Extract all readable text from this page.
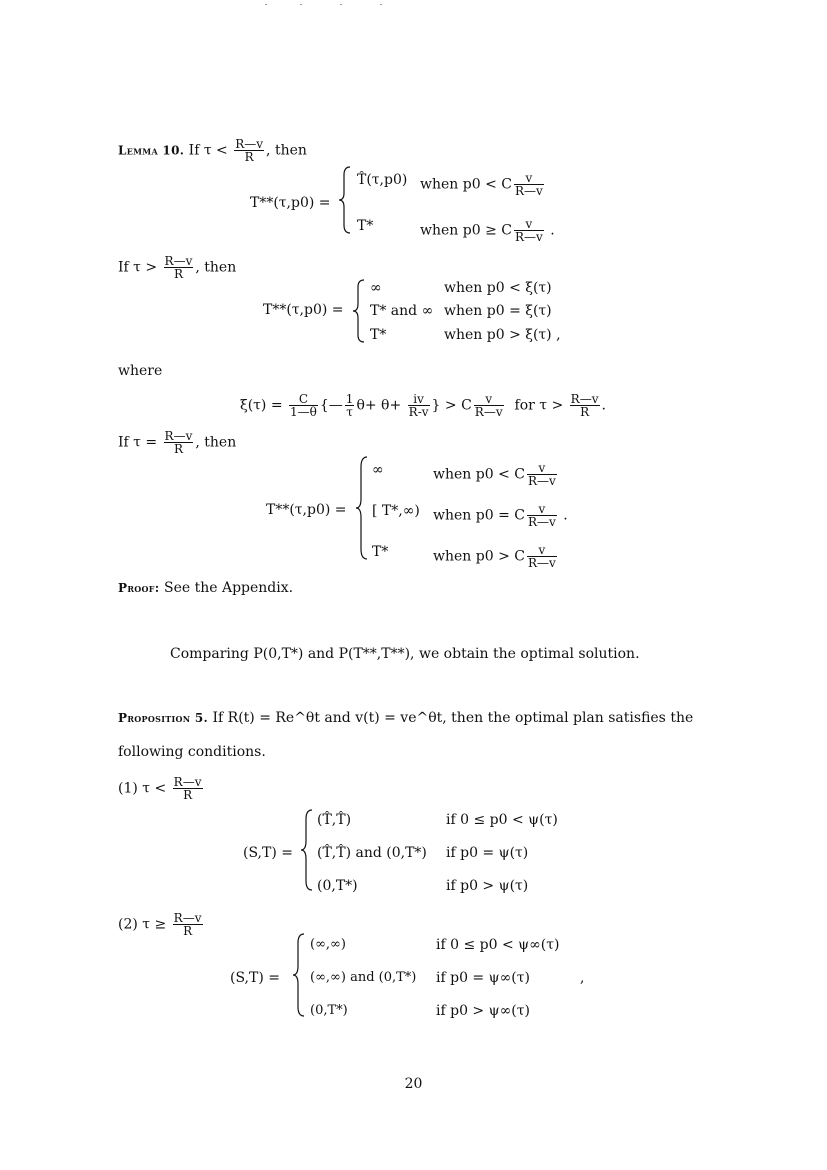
Lemma 10. If $\tau < \frac{R—v}{R}$ , then
T**(τ,p0) =
T̂(τ,p0) when p0 < C $\frac{v}{R—v}$
T*	when p0 ≥ C $\frac{v}{R—v}$ .
If $\tau > \frac{R—v}{R}$ , then
T**(τ,p0) =
∞	when p0 < ξ(τ)
T* and ∞ when p0 = ξ(τ)
T*	when p0 > ξ(τ) ,
where
$\xi(\tau) = \frac{C}{1—\theta}$ {— $\frac{1}{\tau} \theta+ \theta+ \frac{iv}{R-v}$ } > C $\frac{v}{R—v}$ for $\tau > \frac{R—v}{R}$ .
If $\tau = \frac{R—v}{R}$ , then
T**(τ,p0) =
∞	when p0 < C $\frac{v}{R—v}$
[ T*,∞) when p0 = C $\frac{v}{R—v}$ .
T*	when p0 > C $\frac{v}{R—v}$
Proof: See the Appendix.
Comparing P(0,T*) and P(T**,T**), we obtain the optimal solution.
Proposition 5. If R(t) = Re^θt and v(t) = ve^θt, then the optimal plan satisfies the
following conditions.
(1) $\tau < \frac{R—v}{R}$
(S,T) =
(T̂,T̂)	if 0 ≤ p0 < ψ(τ)
(T̂,T̂) and (0,T*) if p0 = ψ(τ)
(0,T*)	if p0 > ψ(τ)
(2) $\tau \ge \frac{R—v}{R}$
(S,T) =
(∞,∞)	if 0 ≤ p0 < ψ∞(τ)
(∞,∞) and (0,T*) if p0 = ψ∞(τ)	,
(0,T*)	if p0 > ψ∞(τ)
20
